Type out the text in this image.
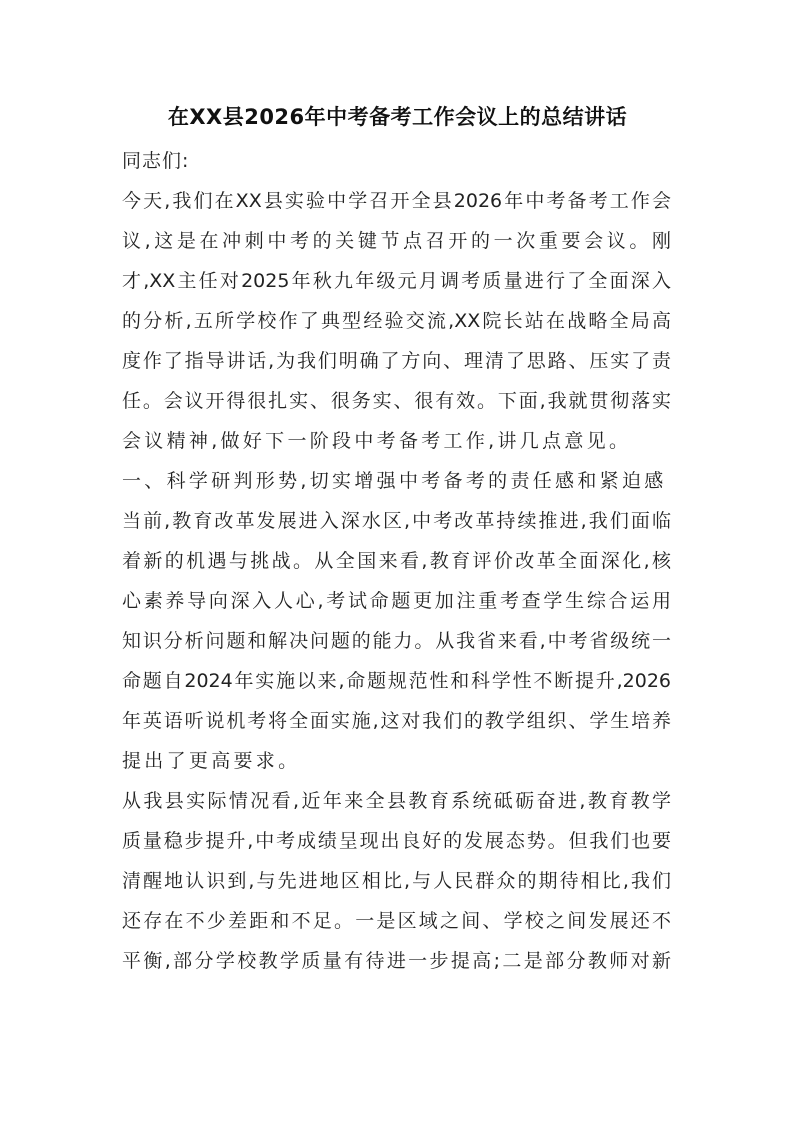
在XX县2026年中考备考工作会议上的总结讲话
同志们:
今天,我们在XX县实验中学召开全县2026年中考备考工作会
议,这是在冲刺中考的关键节点召开的一次重要会议。刚
才,XX主任对2025年秋九年级元月调考质量进行了全面深入
的分析,五所学校作了典型经验交流,XX院长站在战略全局高
度作了指导讲话,为我们明确了方向、理清了思路、压实了责
任。会议开得很扎实、很务实、很有效。下面,我就贯彻落实
会议精神,做好下一阶段中考备考工作,讲几点意见。
一、科学研判形势,切实增强中考备考的责任感和紧迫感
当前,教育改革发展进入深水区,中考改革持续推进,我们面临
着新的机遇与挑战。从全国来看,教育评价改革全面深化,核
心素养导向深入人心,考试命题更加注重考查学生综合运用
知识分析问题和解决问题的能力。从我省来看,中考省级统一
命题自2024年实施以来,命题规范性和科学性不断提升,2026
年英语听说机考将全面实施,这对我们的教学组织、学生培养
提出了更高要求。
从我县实际情况看,近年来全县教育系统砥砺奋进,教育教学
质量稳步提升,中考成绩呈现出良好的发展态势。但我们也要
清醒地认识到,与先进地区相比,与人民群众的期待相比,我们
还存在不少差距和不足。一是区域之间、学校之间发展还不
平衡,部分学校教学质量有待进一步提高;二是部分教师对新
